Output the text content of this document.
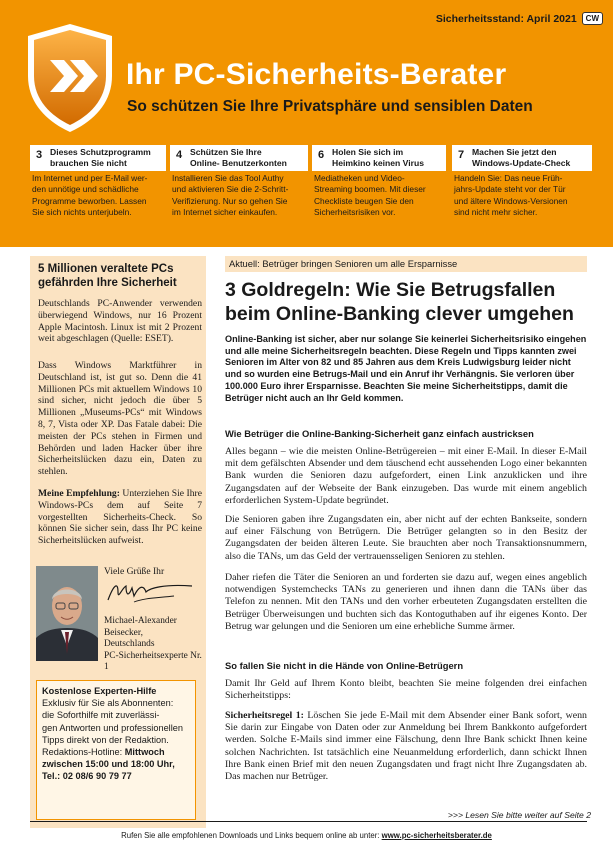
Sicherheitsstand: April 2021	CW
Ihr PC-Sicherheits-Berater
So schützen Sie Ihre Privatsphäre und sensiblen Daten
3 Dieses Schutzprogramm
brauchen Sie nicht
Im Internet und per E-Mail wer-
den unnötige und schädliche
Programme beworben. Lassen
Sie sich nichts unterjubeln.
4 Schützen Sie Ihre
Online- Benutzerkonten
Installieren Sie das Tool Authy
und aktivieren Sie die 2-Schritt-
Verifizierung. Nur so gehen Sie
im Internet sicher einkaufen.
6 Holen Sie sich im
Heimkino keinen Virus
Mediatheken und Video-
Streaming boomen. Mit dieser
Checkliste beugen Sie den
Sicherheitsrisiken vor.
7 Machen Sie jetzt den
Windows-Update-Check
Handeln Sie: Das neue Früh-
jahrs-Update steht vor der Tür
und ältere Windows-Versionen
sind nicht mehr sicher.
5 Millionen veraltete PCs
gefährden Ihre Sicherheit
Deutschlands PC-Anwender verwenden überwiegend Windows, nur 16 Prozent Apple Macintosh. Linux ist mit 2 Prozent weit abgeschlagen (Quelle: ESET).
Dass Windows Marktführer in Deutschland ist, ist gut so. Denn die 41 Millionen PCs mit aktuellem Windows 10 sind sicher, nicht jedoch die über 5 Millionen „Museums-PCs“ mit Windows 8, 7, Vista oder XP. Das Fatale dabei: Die meisten der PCs stehen in Firmen und Behörden und laden Hacker über ihre Sicherheitslücken dazu ein, Daten zu stehlen.
Meine Empfehlung: Unterziehen Sie Ihre Windows-PCs dem auf Seite 7 vorgestellten Sicherheits-Check. So können Sie sicher sein, dass Ihr PC keine Sicherheitslücken aufweist.
Viele Grüße Ihr
Michael-Alexander
Beisecker,
Deutschlands
PC-Sicherheitsexperte Nr. 1
Kostenlose Experten-Hilfe
Exklusiv für Sie als Abonnenten:
die Soforthilfe mit zuverlässi-
gen Antworten und professionellen
Tipps direkt von der Redaktion.
Redaktions-Hotline: Mittwoch
zwischen 15:00 und 18:00 Uhr,
Tel.: 02 08/6 90 79 77
Aktuell: Betrüger bringen Senioren um alle Ersparnisse
3 Goldregeln: Wie Sie Betrugsfallen
beim Online-Banking clever umgehen
Online-Banking ist sicher, aber nur solange Sie keinerlei Sicherheitsrisiko eingehen und alle meine Sicherheitsregeln beachten. Diese Regeln und Tipps kannten zwei Senioren im Alter von 82 und 85 Jahren aus dem Kreis Ludwigsburg leider nicht und so wurden eine Betrugs-Mail und ein Anruf ihr Verhängnis. Sie verloren über 100.000 Euro ihrer Ersparnisse. Beachten Sie meine Sicherheitstipps, damit die Betrüger nicht auch an Ihr Geld kommen.
Wie Betrüger die Online-Banking-Sicherheit ganz einfach austricksen
Alles begann – wie die meisten Online-Betrügereien – mit einer E-Mail. In dieser E-Mail mit dem gefälschten Absender und dem täuschend echt aussehenden Logo einer bekannten Bank wurden die Senioren dazu aufgefordert, einen Link anzuklicken und ihre Zugangsdaten auf der Webseite der Bank einzugeben. Das wurde mit einem angeblich erforderlichen System-Update begründet.
Die Senioren gaben ihre Zugangsdaten ein, aber nicht auf der echten Bankseite, sondern auf einer Fälschung von Betrügern. Die Betrüger gelangten so in den Besitz der Zugangsdaten der beiden älteren Leute. Sie brauchten aber noch Transaktionsnummern, also die TANs, um das Geld der vertrauensseligen Senioren zu stehlen.
Daher riefen die Täter die Senioren an und forderten sie dazu auf, wegen eines angeblich notwendigen Systemchecks TANs zu generieren und ihnen dann die TANs über das Telefon zu nennen. Mit den TANs und den vorher erbeuteten Zugangsdaten erstellten die Betrüger Überweisungen und buchten sich das Kontoguthaben auf ihr eigenes Konto. Der Betrug war gelungen und die Senioren um eine erhebliche Summe ärmer.
So fallen Sie nicht in die Hände von Online-Betrügern
Damit Ihr Geld auf Ihrem Konto bleibt, beachten Sie meine folgenden drei einfachen Sicherheitstipps:
Sicherheitsregel 1: Löschen Sie jede E-Mail mit dem Absender einer Bank sofort, wenn Sie darin zur Eingabe von Daten oder zur Anmeldung bei Ihrem Bankkonto aufgefordert werden. Solche E-Mails sind immer eine Fälschung, denn Ihre Bank schickt Ihnen keine solchen Nachrichten. Ist tatsächlich eine Neuanmeldung erforderlich, dann schickt Ihnen Ihre Bank einen Brief mit den neuen Zugangsdaten und fragt nicht Ihre Zugangsdaten ab. Das machen nur Betrüger.
>>> Lesen Sie bitte weiter auf Seite 2
Rufen Sie alle empfohlenen Downloads und Links bequem online ab unter: www.pc-sicherheitsberater.de
